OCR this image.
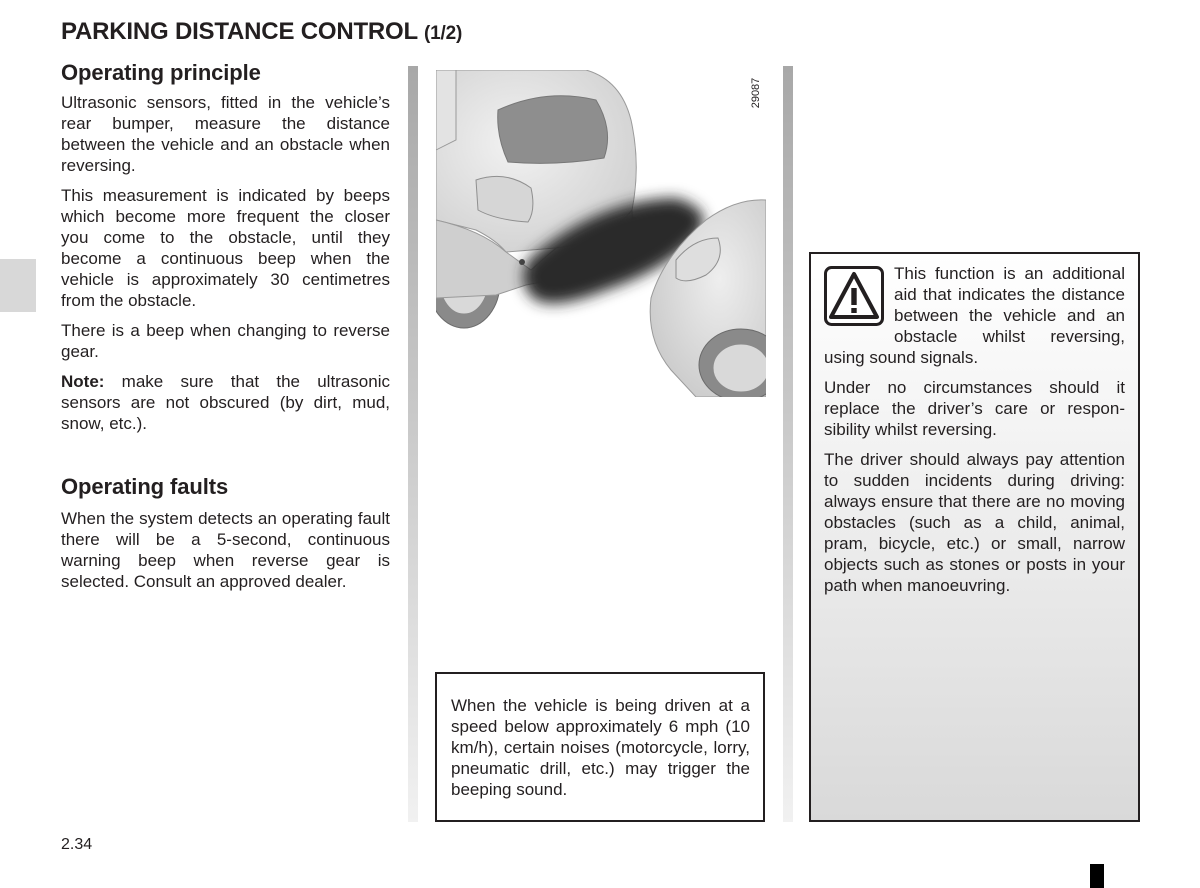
PARKING DISTANCE CONTROL (1/2)
Operating principle

Ultrasonic sensors, fitted in the vehicle’s rear bumper, measure the distance between the vehicle and an obstacle when reversing.

This measurement is indicated by beeps which become more frequent the closer you come to the obstacle, until they become a continuous beep when the vehicle is approximately 30 centimetres from the obstacle.

There is a beep when changing to reverse gear.

Note: make sure that the ultrasonic sensors are not obscured (by dirt, mud, snow, etc.).

Operating faults

When the system detects an operating fault there will be a 5-second, continuous warning beep when reverse gear is selected. Consult an approved dealer.

29087

When the vehicle is being driven at a speed below approximately 6 mph (10 km/h), certain noises (motorcycle, lorry, pneumatic drill, etc.) may trigger the beeping sound.

This function is an additional aid that indicates the distance between the vehicle and an obstacle whilst reversing, using sound signals.

Under no circumstances should it replace the driver’s care or responsibility whilst reversing.

The driver should always pay attention to sudden incidents during driving: always ensure that there are no moving obstacles (such as a child, animal, pram, bicycle, etc.) or small, narrow objects such as stones or posts in your path when manoeuvring.

2.34
